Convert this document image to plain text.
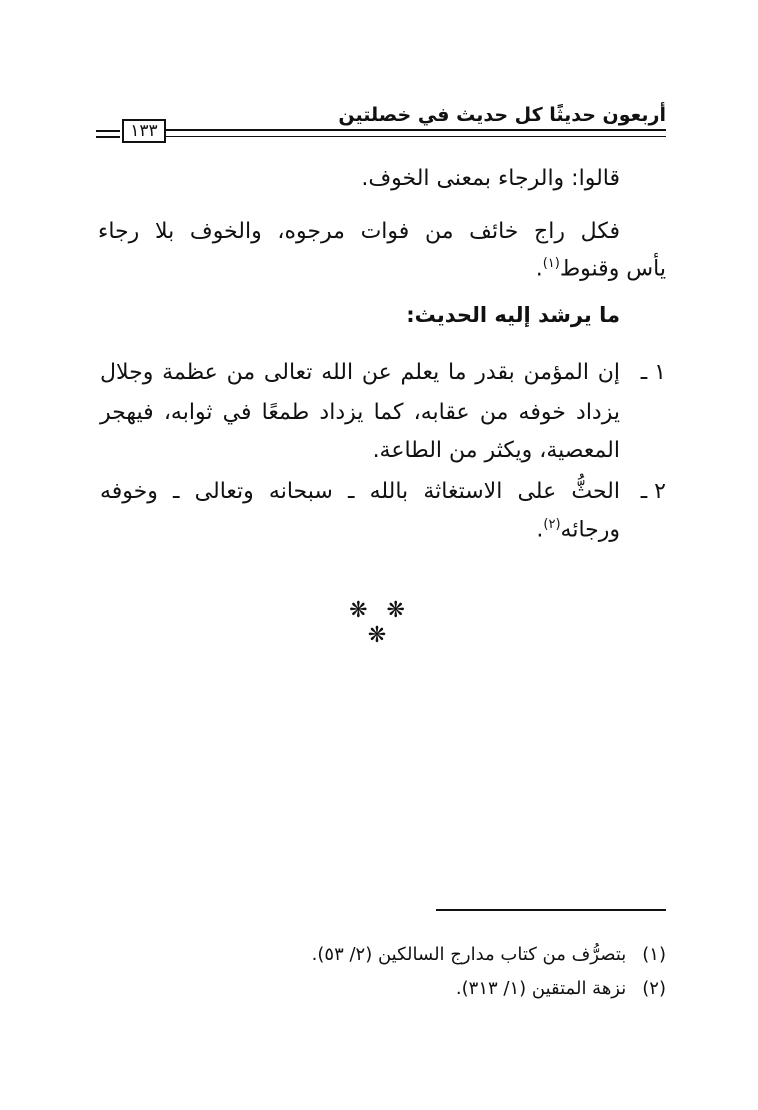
أربعون حديثًا كل حديث في خصلتين
١٣٣
قالوا: والرجاء بمعنى الخوف.
فكل راج خائف من فوات مرجوه، والخوف بلا رجاء
يأس وقنوط$^{(١)}$.
ما يرشد إليه الحديث:
١ ـ
إن المؤمن بقدر ما يعلم عن الله تعالى من عظمة وجلال
يزداد خوفه من عقابه، كما يزداد طمعًا في ثوابه، فيهجر
المعصية، ويكثر من الطاعة.
٢ ـ
الحثُّ على الاستغاثة بالله ـ سبحانه وتعالى ـ وخوفه
ورجائه$^{(٢)}$.
❋ ❋ ❋
(١) بتصرُّف من كتاب مدارج السالكين (٢/ ٥٣).
(٢) نزهة المتقين (١/ ٣١٣).
